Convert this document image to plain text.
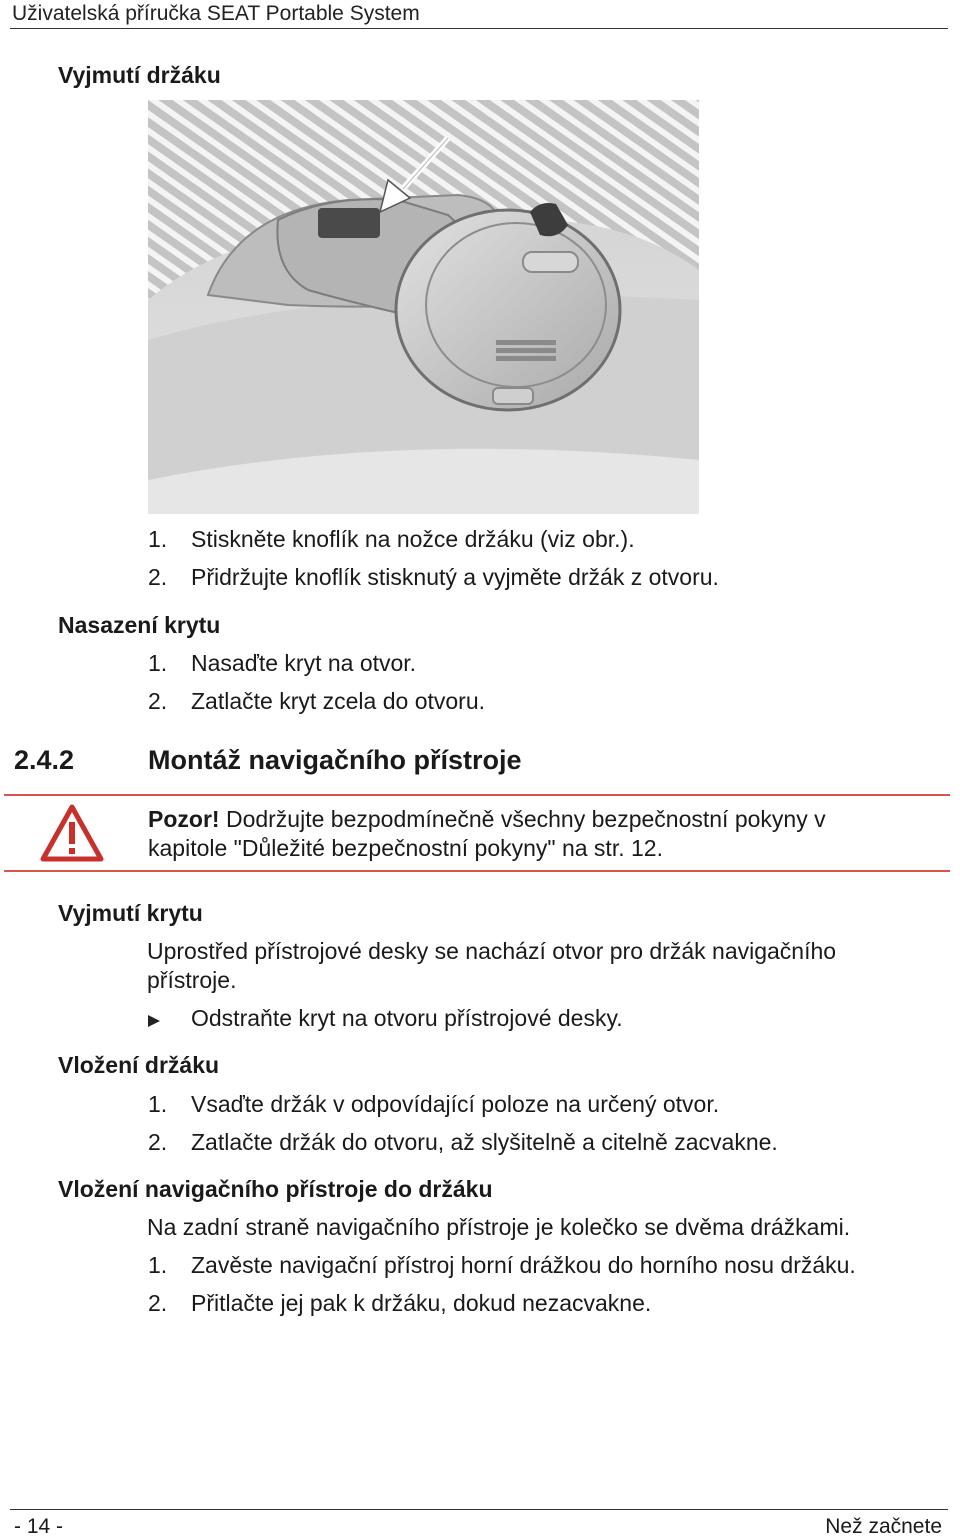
Uživatelská příručka SEAT Portable System
Vyjmutí držáku
1. Stiskněte knoflík na nožce držáku (viz obr.).
2. Přidržujte knoflík stisknutý a vyjměte držák z otvoru.
Nasazení krytu
1. Nasaďte kryt na otvor.
2. Zatlačte kryt zcela do otvoru.
2.4.2	Montáž navigačního přístroje
Pozor! Dodržujte bezpodmínečně všechny bezpečnostní pokyny v
kapitole "Důležité bezpečnostní pokyny" na str. 12.
Vyjmutí krytu
Uprostřed přístrojové desky se nachází otvor pro držák navigačního
přístroje.
Odstraňte kryt na otvoru přístrojové desky.
Vložení držáku
1. Vsaďte držák v odpovídající poloze na určený otvor.
2. Zatlačte držák do otvoru, až slyšitelně a citelně zacvakne.
Vložení navigačního přístroje do držáku
Na zadní straně navigačního přístroje je kolečko se dvěma drážkami.
1. Zavěste navigační přístroj horní drážkou do horního nosu držáku.
2. Přitlačte jej pak k držáku, dokud nezacvakne.
- 14 -	Než začnete
